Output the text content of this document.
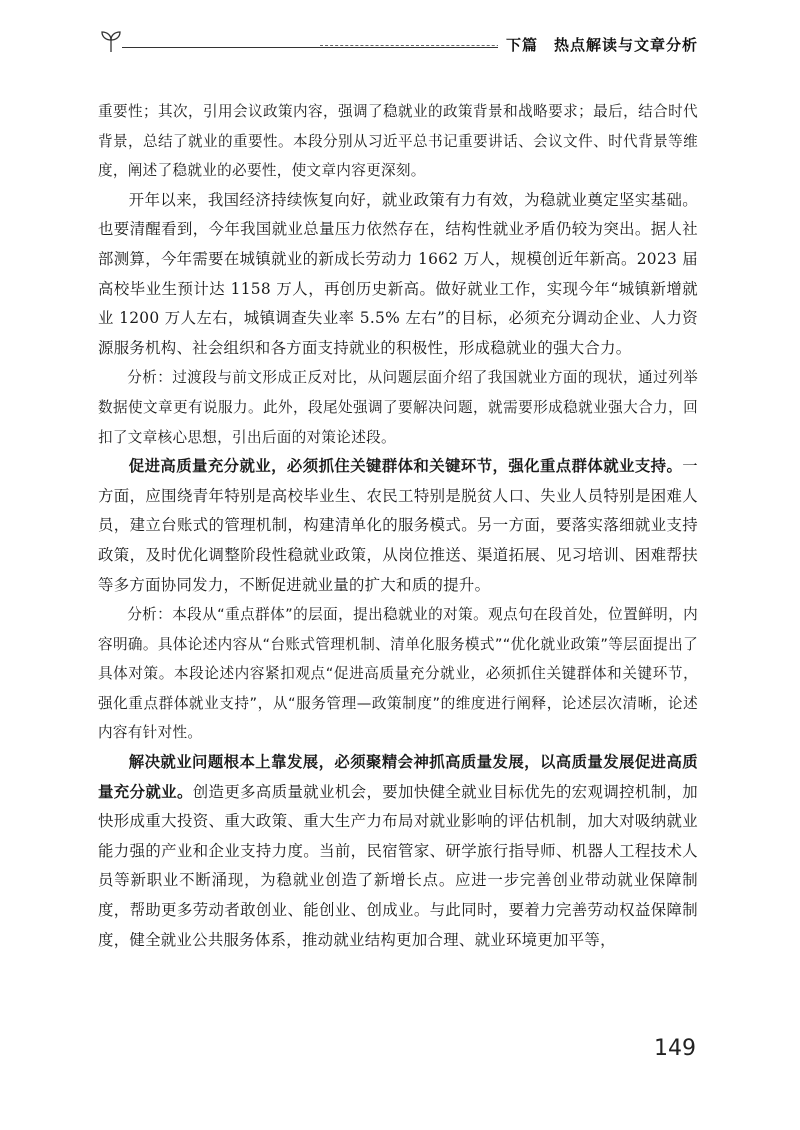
下篇　热点解读与文章分析

重要性；其次，引用会议政策内容，强调了稳就业的政策背景和战略要求；最后，结合时代背景，总结了就业的重要性。本段分别从习近平总书记重要讲话、会议文件、时代背景等维度，阐述了稳就业的必要性，使文章内容更深刻。

开年以来，我国经济持续恢复向好，就业政策有力有效，为稳就业奠定坚实基础。也要清醒看到，今年我国就业总量压力依然存在，结构性就业矛盾仍较为突出。据人社部测算，今年需要在城镇就业的新成长劳动力 1662 万人，规模创近年新高。2023 届高校毕业生预计达 1158 万人，再创历史新高。做好就业工作，实现今年“城镇新增就业 1200 万人左右，城镇调查失业率 5.5% 左右”的目标，必须充分调动企业、人力资源服务机构、社会组织和各方面支持就业的积极性，形成稳就业的强大合力。

分析：过渡段与前文形成正反对比，从问题层面介绍了我国就业方面的现状，通过列举数据使文章更有说服力。此外，段尾处强调了要解决问题，就需要形成稳就业强大合力，回扣了文章核心思想，引出后面的对策论述段。

促进高质量充分就业，必须抓住关键群体和关键环节，强化重点群体就业支持。一方面，应围绕青年特别是高校毕业生、农民工特别是脱贫人口、失业人员特别是困难人员，建立台账式的管理机制，构建清单化的服务模式。另一方面，要落实落细就业支持政策，及时优化调整阶段性稳就业政策，从岗位推送、渠道拓展、见习培训、困难帮扶等多方面协同发力，不断促进就业量的扩大和质的提升。

分析：本段从“重点群体”的层面，提出稳就业的对策。观点句在段首处，位置鲜明，内容明确。具体论述内容从“台账式管理机制、清单化服务模式”“优化就业政策”等层面提出了具体对策。本段论述内容紧扣观点“促进高质量充分就业，必须抓住关键群体和关键环节，强化重点群体就业支持”，从“服务管理—政策制度”的维度进行阐释，论述层次清晰，论述内容有针对性。

解决就业问题根本上靠发展，必须聚精会神抓高质量发展，以高质量发展促进高质量充分就业。创造更多高质量就业机会，要加快健全就业目标优先的宏观调控机制，加快形成重大投资、重大政策、重大生产力布局对就业影响的评估机制，加大对吸纳就业能力强的产业和企业支持力度。当前，民宿管家、研学旅行指导师、机器人工程技术人员等新职业不断涌现，为稳就业创造了新增长点。应进一步完善创业带动就业保障制度，帮助更多劳动者敢创业、能创业、创成业。与此同时，要着力完善劳动权益保障制度，健全就业公共服务体系，推动就业结构更加合理、就业环境更加平等，

149
